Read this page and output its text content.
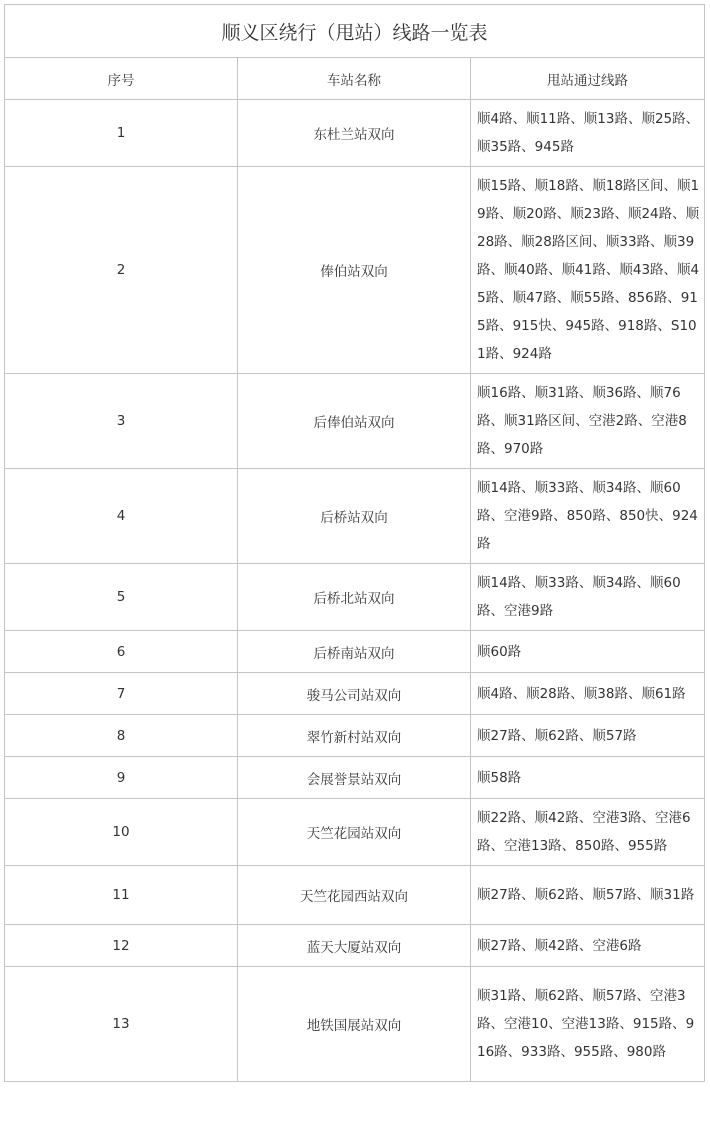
顺义区绕行（甩站）线路一览表		
序号	车站名称	甩站通过线路
1	东杜兰站双向	顺4路、顺11路、顺13路、顺25路、顺35路、945路
2	俸伯站双向	顺15路、顺18路、顺18路区间、顺19路、顺20路、顺23路、顺24路、顺28路、顺28路区间、顺33路、顺39路、顺40路、顺41路、顺43路、顺45路、顺47路、顺55路、856路、915路、915快、945路、918路、S101路、924路
3	后俸伯站双向	顺16路、顺31路、顺36路、顺76路、顺31路区间、空港2路、空港8路、970路
4	后桥站双向	顺14路、顺33路、顺34路、顺60路、空港9路、850路、850快、924路
5	后桥北站双向	顺14路、顺33路、顺34路、顺60路、空港9路
6	后桥南站双向	顺60路
7	骏马公司站双向	顺4路、顺28路、顺38路、顺61路
8	翠竹新村站双向	顺27路、顺62路、顺57路
9	会展誉景站双向	顺58路
10	天竺花园站双向	顺22路、顺42路、空港3路、空港6路、空港13路、850路、955路
11	天竺花园西站双向	顺27路、顺62路、顺57路、顺31路
12	蓝天大厦站双向	顺27路、顺42路、空港6路
13	地铁国展站双向	顺31路、顺62路、顺57路、空港3路、空港10、空港13路、915路、916路、933路、955路、980路
